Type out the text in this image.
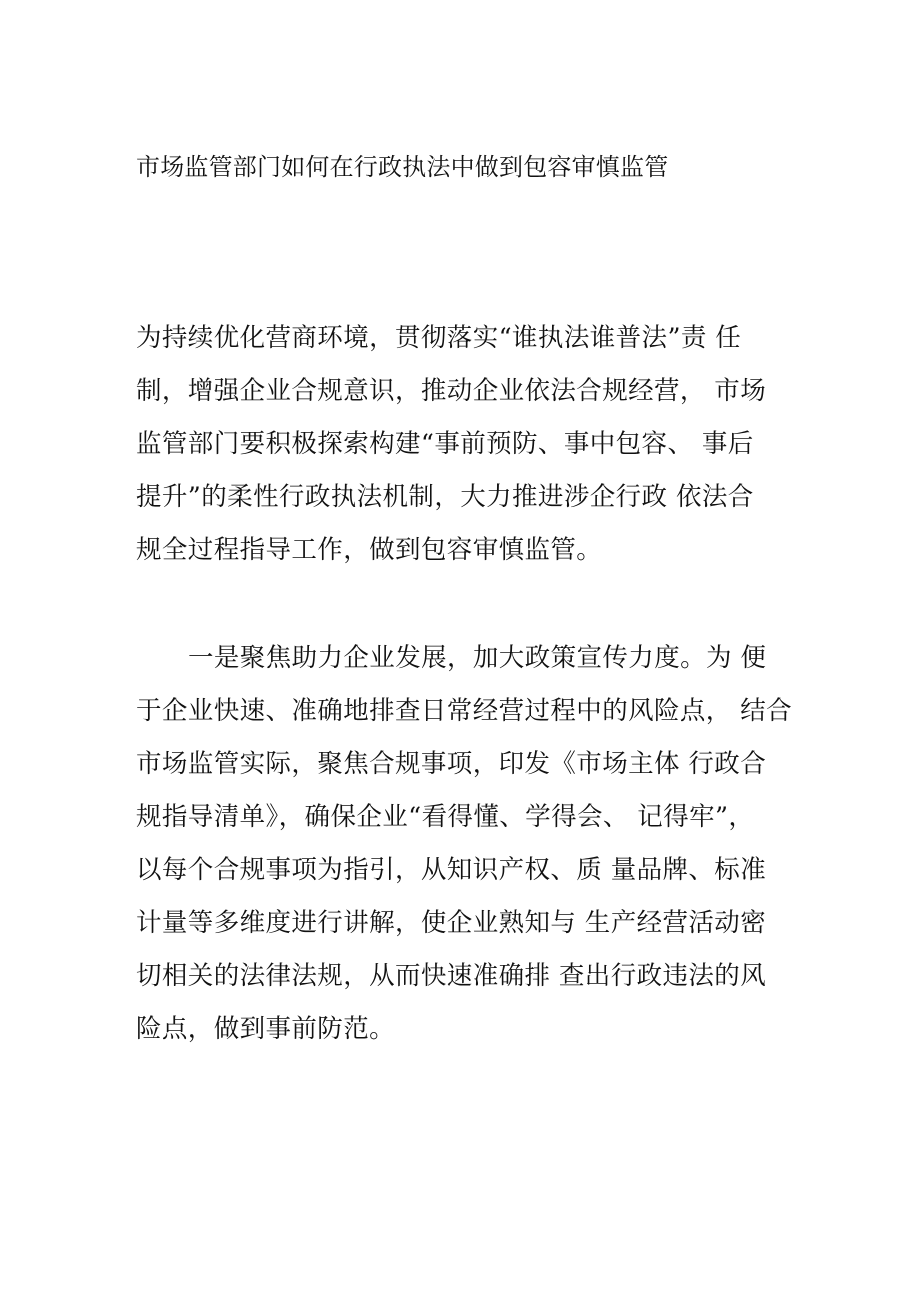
市场监管部门如何在行政执法中做到包容审慎监管
为持续优化营商环境，贯彻落实“谁执法谁普法”责 任
制，增强企业合规意识，推动企业依法合规经营， 市场
监管部门要积极探索构建“事前预防、事中包容、 事后
提升”的柔性行政执法机制，大力推进涉企行政 依法合
规全过程指导工作，做到包容审慎监管。
一是聚焦助力企业发展，加大政策宣传力度。为 便
于企业快速、准确地排查日常经营过程中的风险点， 结合
市场监管实际，聚焦合规事项，印发《市场主体 行政合
规指导清单》，确保企业“看得懂、学得会、 记得牢”，
以每个合规事项为指引，从知识产权、质 量品牌、标准
计量等多维度进行讲解，使企业熟知与 生产经营活动密
切相关的法律法规，从而快速准确排 查出行政违法的风
险点，做到事前防范。
